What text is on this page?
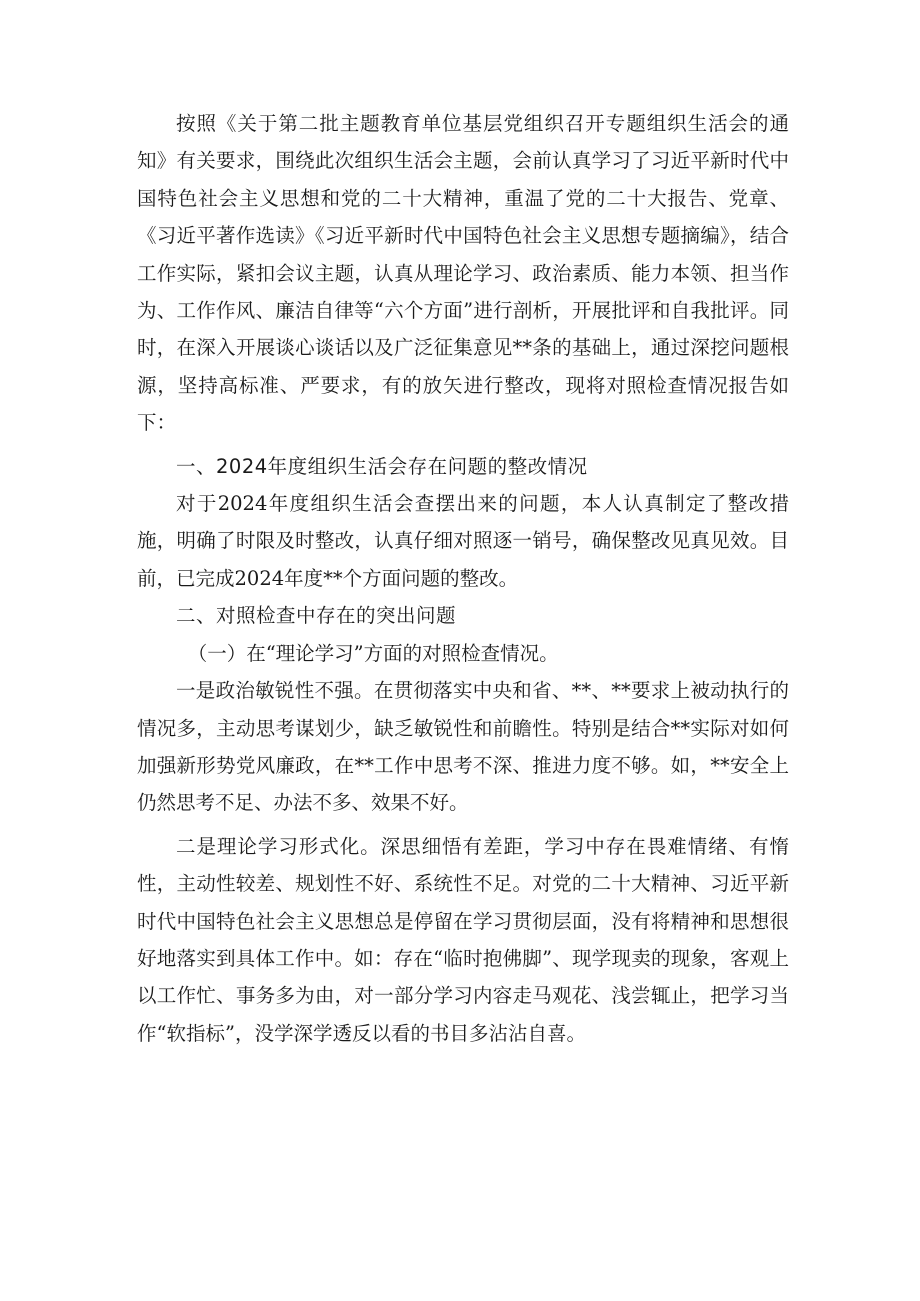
按照《关于第二批主题教育单位基层党组织召开专题组织生活会的通知》有关要求，围绕此次组织生活会主题，会前认真学习了习近平新时代中国特色社会主义思想和党的二十大精神，重温了党的二十大报告、党章、《习近平著作选读》《习近平新时代中国特色社会主义思想专题摘编》，结合工作实际，紧扣会议主题，认真从理论学习、政治素质、能力本领、担当作为、工作作风、廉洁自律等“六个方面”进行剖析，开展批评和自我批评。同时，在深入开展谈心谈话以及广泛征集意见**条的基础上，通过深挖问题根源，坚持高标准、严要求，有的放矢进行整改，现将对照检查情况报告如下：

一、2024年度组织生活会存在问题的整改情况

对于2024年度组织生活会查摆出来的问题，本人认真制定了整改措施，明确了时限及时整改，认真仔细对照逐一销号，确保整改见真见效。目前，已完成2024年度**个方面问题的整改。

二、对照检查中存在的突出问题
（一）在“理论学习”方面的对照检查情况。

一是政治敏锐性不强。在贯彻落实中央和省、**、**要求上被动执行的情况多，主动思考谋划少，缺乏敏锐性和前瞻性。特别是结合**实际对如何加强新形势党风廉政，在**工作中思考不深、推进力度不够。如，**安全上仍然思考不足、办法不多、效果不好。

二是理论学习形式化。深思细悟有差距，学习中存在畏难情绪、有惰性，主动性较差、规划性不好、系统性不足。对党的二十大精神、习近平新时代中国特色社会主义思想总是停留在学习贯彻层面，没有将精神和思想很好地落实到具体工作中。如：存在“临时抱佛脚”、现学现卖的现象，客观上以工作忙、事务多为由，对一部分学习内容走马观花、浅尝辄止，把学习当作“软指标”，没学深学透反以看的书目多沾沾自喜。
